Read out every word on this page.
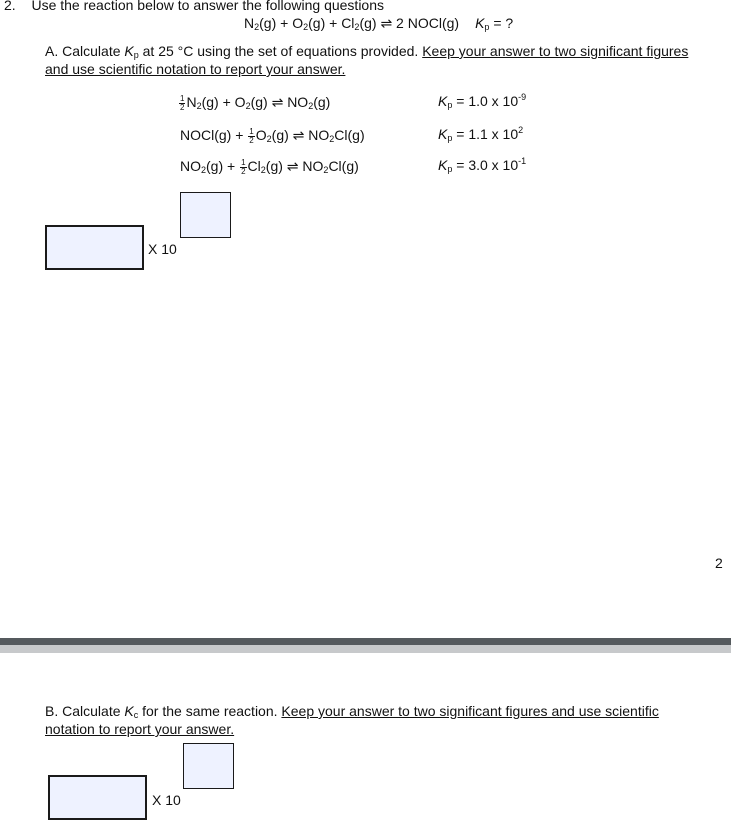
2. Use the reaction below to answer the following questions
$N_2(g) + O_2(g) + Cl_2(g)$ ⇌ 2 NOCl(g) $K_p$ = ?
A. Calculate $K_p$ at 25 °C using the set of equations provided. Keep your answer to two significant figures
and use scientific notation to report your answer.
$\frac{1}{2} N_2(g) + O_2(g)$ ⇌ $NO_2(g)$	$K_p = 1.0$ x $10^{-9}$
NOCl(g) + $\frac{1}{2} O_2(g)$ ⇌ $NO_2Cl(g)$	$K_p = 1.1$ x $10^2$
$NO_2(g) + \frac{1}{2} Cl_2(g)$ ⇌ $NO_2Cl(g)$	$K_p = 3.0$ x $10^{-1}$
X 10
2
B. Calculate $K_c$ for the same reaction. Keep your answer to two significant figures and use scientific
notation to report your answer.
X 10
